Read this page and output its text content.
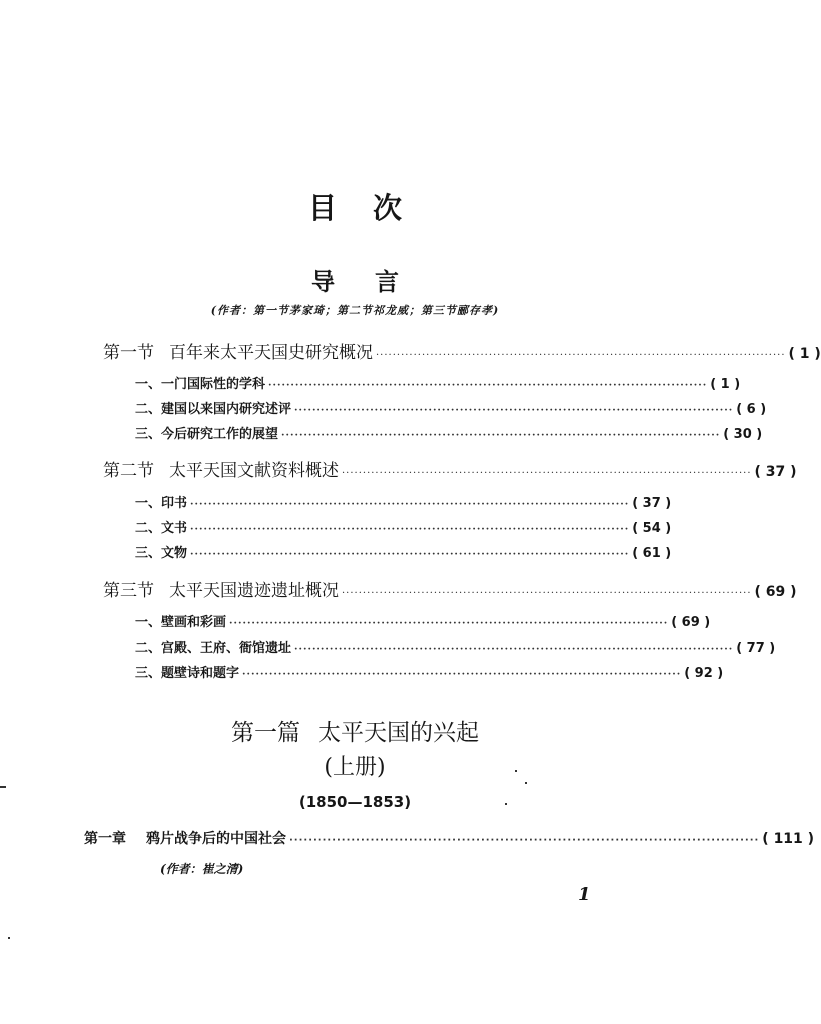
目次
导言
(作者：第一节茅家琦；第二节祁龙威；第三节郦存孝)
第一节 百年来太平天国史研究概况 ·································································································· ( 1 )
一、一门国际性的学科 ·································································································· ( 1 )
二、建国以来国内研究述评 ·································································································· ( 6 )
三、今后研究工作的展望 ·································································································· ( 30 )
第二节 太平天国文献资料概述 ·································································································· ( 37 )
一、印书 ·································································································· ( 37 )
二、文书 ·································································································· ( 54 )
三、文物 ·································································································· ( 61 )
第三节 太平天国遗迹遗址概况 ·································································································· ( 69 )
一、壁画和彩画 ·································································································· ( 69 )
二、宫殿、王府、衙馆遗址 ·································································································· ( 77 )
三、题壁诗和题字 ·································································································· ( 92 )
第一篇 太平天国的兴起
(上册)
(1850—1853)
第一章 鸦片战争后的中国社会 ·································································································· ( 111 )
(作者：崔之清)
1
